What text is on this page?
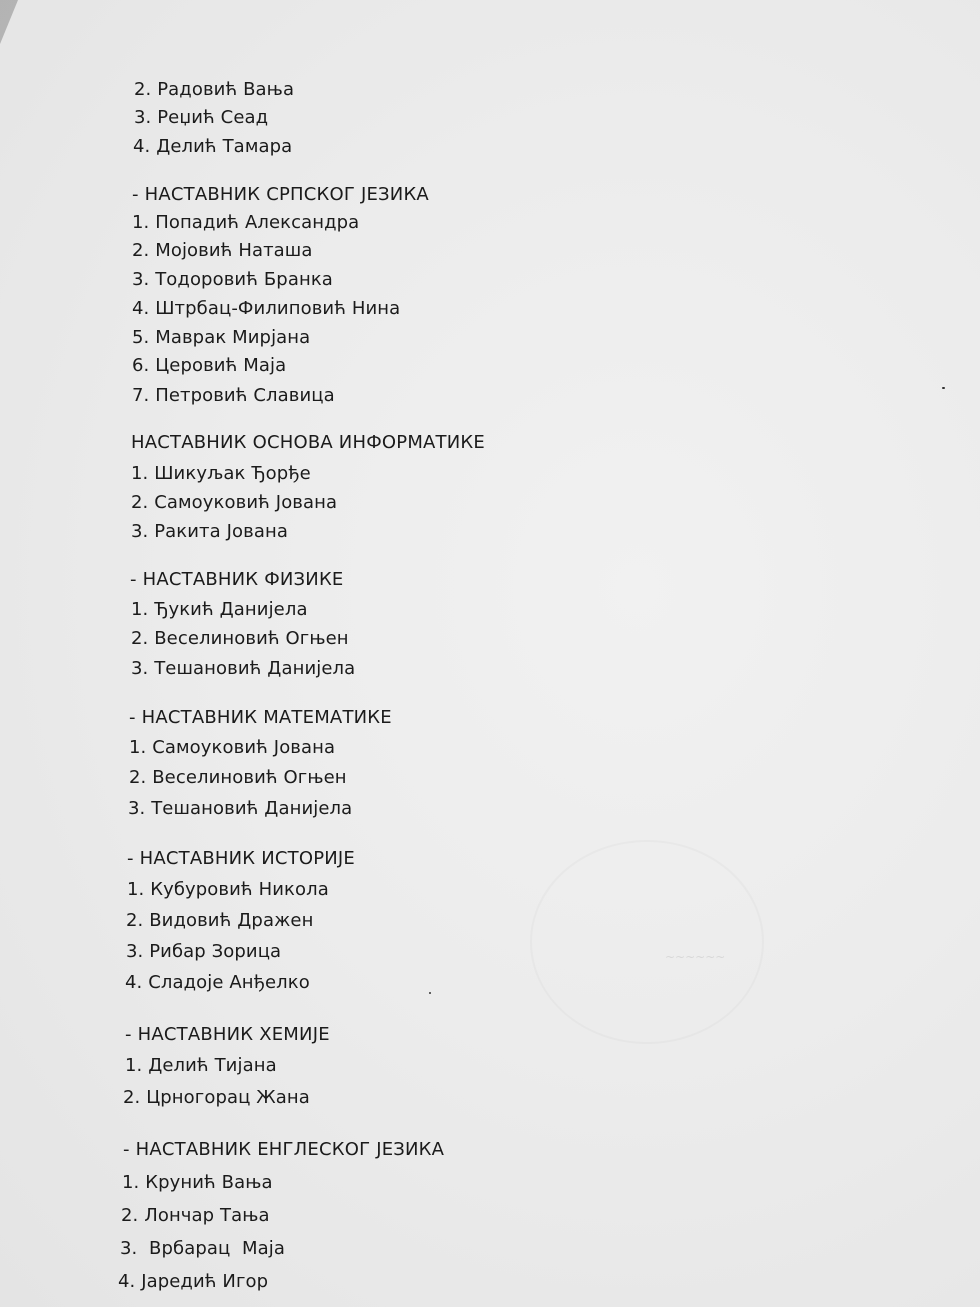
~~~~~~
2. Радовић Вања
3. Реџић Сеад
4. Делић Тамара
- НАСТАВНИК СРПСКОГ ЈЕЗИКА
1. Попадић Александра
2. Мојовић Наташа
3. Тодоровић Бранка
4. Штрбац-Филиповић Нина
5. Маврак Мирјана
6. Церовић Маја
7. Петровић Славица
НАСТАВНИК ОСНОВА ИНФОРМАТИКЕ
1. Шикуљак Ђорђе
2. Самоуковић Јована
3. Ракита Јована
- НАСТАВНИК ФИЗИКЕ
1. Ђукић Данијела
2. Веселиновић Огњен
3. Тешановић Данијела
- НАСТАВНИК МАТЕМАТИКЕ
1. Самоуковић Јована
2. Веселиновић Огњен
3. Тешановић Данијела
- НАСТАВНИК ИСТОРИЈЕ
1. Кубуровић Никола
2. Видовић Дражен
3. Рибар Зорица
4. Сладоје Анђелко
- НАСТАВНИК ХЕМИЈЕ
1. Делић Тијана
2. Црногорац Жана
- НАСТАВНИК ЕНГЛЕСКОГ ЈЕЗИКА
1. Крунић Вања
2. Лончар Тања
3.  Врбарац  Маја
4. Јаредић Игор
